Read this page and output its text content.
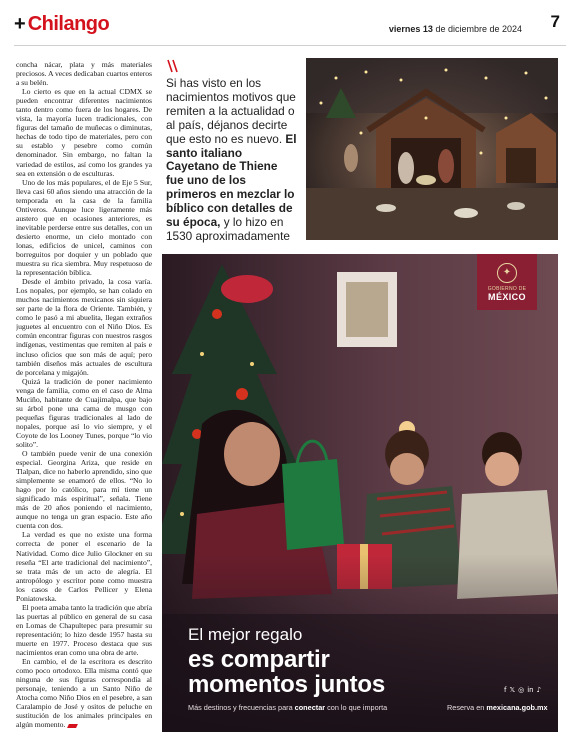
+ Chilango	viernes 13 de diciembre de 2024 7

concha nácar, plata y más materiales preciosos. A veces dedicaban cuartos enteros a su belén.

Lo cierto es que en la actual CDMX se pueden encontrar diferentes nacimientos tanto dentro como fuera de los hogares. De vista, la mayoría lucen tradicionales, con figuras del tamaño de muñecas o diminutas, hechas de todo tipo de materiales, pero con su establo y pesebre como común denominador. Sin embargo, no faltan la variedad de estilos, así como los grandes ya sea en extensión o de esculturas.

Uno de los más populares, el de Eje 5 Sur, lleva casi 60 años siendo una atracción de la temporada en la casa de la familia Ontiveros. Aunque luce ligeramente más austero que en ocasiones anteriores, es inevitable perderse entre sus detalles, con un desierto enorme, un cielo montado con lonas, edificios de unicel, caminos con borreguitos por doquier y un poblado que muestra su rica siembra. Muy respetuoso de la representación bíblica.

Desde el ámbito privado, la cosa varía. Los nopales, por ejemplo, se han colado en muchos nacimientos mexicanos sin siquiera ser parte de la flora de Oriente. También, y como le pasó a mi abuelita, llegan extraños juguetes al encuentro con el Niño Dios. Es común encontrar figuras con nuestros rasgos indígenas, vestimentas que remiten al país e incluso oficios que son más de aquí; pero también diseños más actuales de escultura de porcelana y migajón.

Quizá la tradición de poner nacimiento venga de familia, como en el caso de Alma Muciño, habitante de Cuajimalpa, que bajo su árbol pone una cama de musgo con pequeñas figuras tradicionales al lado de nopales, porque así lo vio siempre, y el Coyote de los Looney Tunes, porque “lo vio solito”.

O también puede venir de una conexión especial. Georgina Ariza, que reside en Tlalpan, dice no haberlo aprendido, sino que simplemente se enamoró de ellos. “No lo hago por lo católico, para mí tiene un significado más espiritual”, señala. Tiene más de 20 años poniendo el nacimiento, aunque no tenga un gran espacio. Este año cuenta con dos.

La verdad es que no existe una forma correcta de poner el escenario de la Natividad. Como dice Julio Glockner en su reseña “El arte tradicional del nacimiento”, se trata más de un acto de alegría. El antropólogo y escritor pone como muestra los casos de Carlos Pellicer y Elena Poniatowska.

El poeta amaba tanto la tradición que abría las puertas al público en general de su casa en Lomas de Chapultepec para presumir su representación; lo hizo desde 1957 hasta su muerte en 1977. Proceso destaca que sus nacimientos eran como una obra de arte.

En cambio, el de la escritora es descrito como poco ortodoxo. Ella misma contó que ninguna de sus figuras correspondía al personaje, teniendo a un Santo Niño de Atocha como Niño Dios en el pesebre, a san Caralampio de José y ositos de peluche en sustitución de los animales principales en algún momento.

Si has visto en los nacimientos motivos que remiten a la actualidad o al país, déjanos decirte que esto no es nuevo. El santo italiano Cayetano de Thiene fue uno de los primeros en mezclar lo bíblico con detalles de su época, y lo hizo en 1530 aproximadamente
✦
GOBIERNO DE
MÉXICO
El mejor regalo
es compartir
momentos juntos
Más destinos y frecuencias para conectar con lo que importa
f 𝕏 ◎ in ♪
Reserva en mexicana.gob.mx
